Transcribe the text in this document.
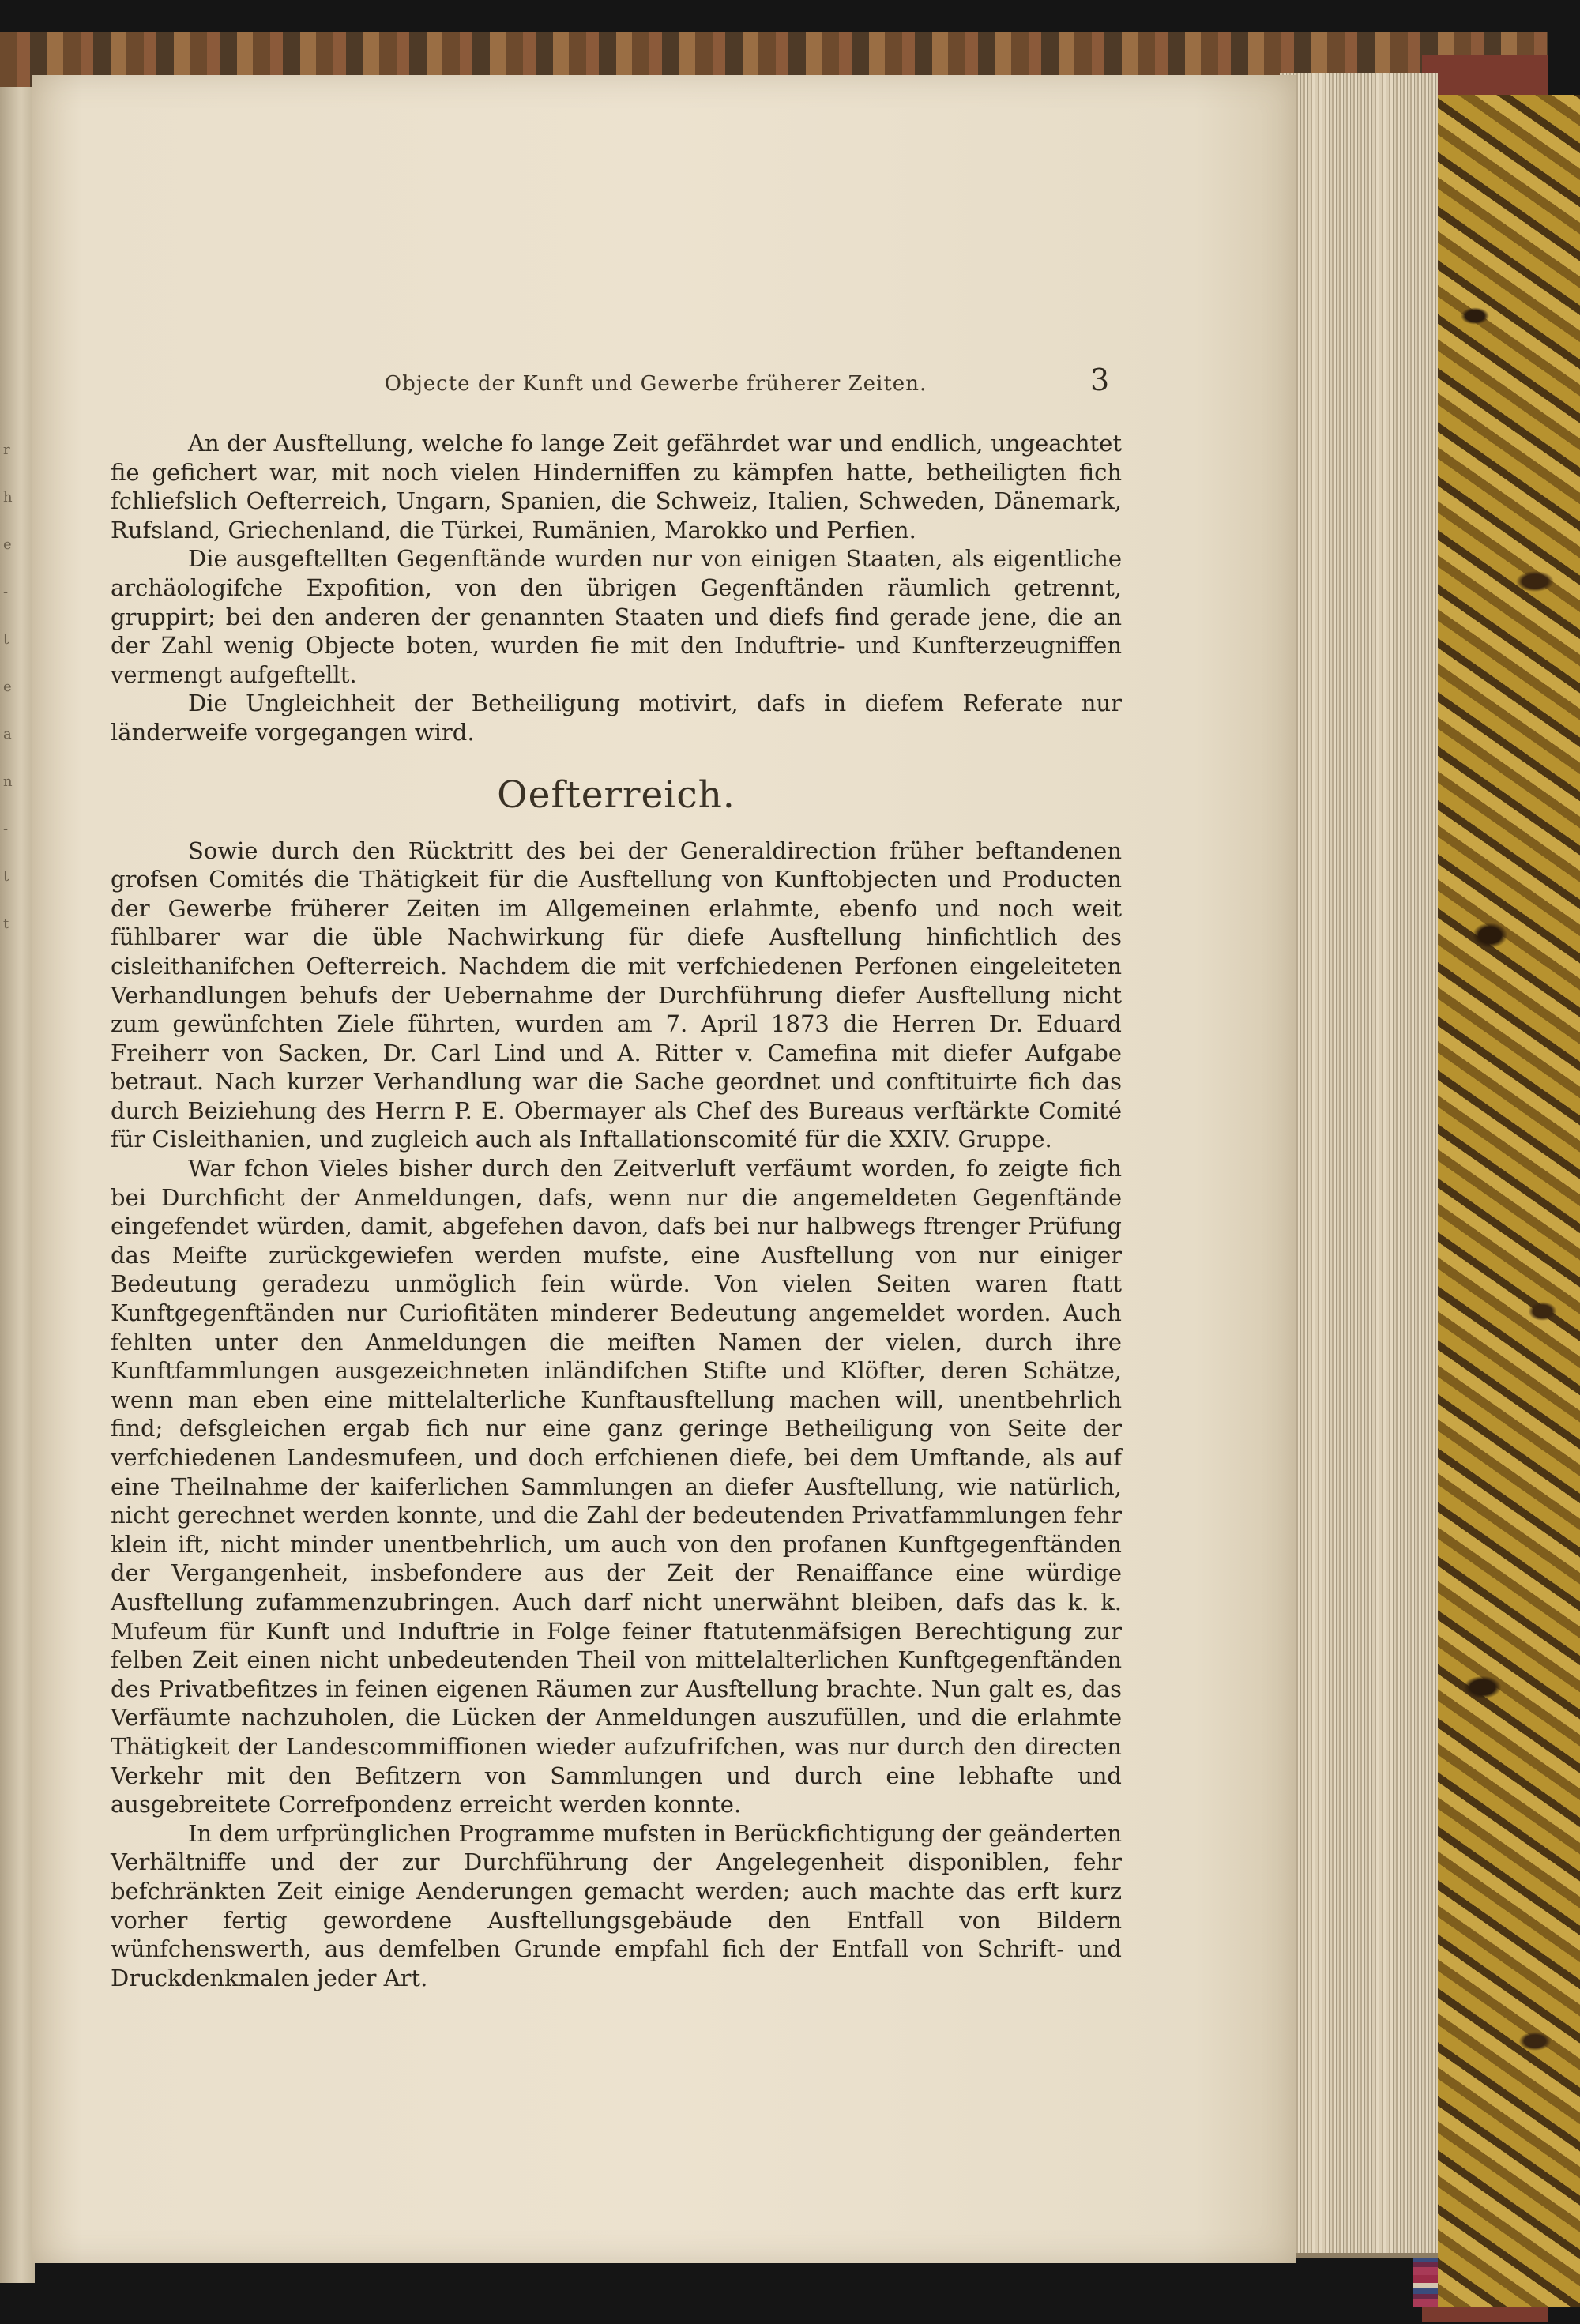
r
h
e
-
t
e
a
n
-
t
t
Objecte der Kunft und Gewerbe früherer Zeiten.	3

An der Ausftellung, welche fo lange Zeit gefährdet war und endlich, ungeachtet fie gefichert war, mit noch vielen Hinderniffen zu kämpfen hatte, betheiligten fich fchliefslich Oefterreich, Ungarn, Spanien, die Schweiz, Italien, Schweden, Dänemark, Rufsland, Griechenland, die Türkei, Rumänien, Marokko und Perfien.

Die ausgeftellten Gegenftände wurden nur von einigen Staaten, als eigentliche archäologifche Expofition, von den übrigen Gegenftänden räumlich getrennt, gruppirt; bei den anderen der genannten Staaten und diefs find gerade jene, die an der Zahl wenig Objecte boten, wurden fie mit den Induftrie- und Kunfterzeugniffen vermengt aufgeftellt.

Die Ungleichheit der Betheiligung motivirt, dafs in diefem Referate nur länderweife vorgegangen wird.

Oefterreich.

Sowie durch den Rücktritt des bei der Generaldirection früher beftandenen grofsen Comités die Thätigkeit für die Ausftellung von Kunftobjecten und Producten der Gewerbe früherer Zeiten im Allgemeinen erlahmte, ebenfo und noch weit fühlbarer war die üble Nachwirkung für diefe Ausftellung hinfichtlich des cisleithanifchen Oefterreich. Nachdem die mit verfchiedenen Perfonen eingeleiteten Verhandlungen behufs der Uebernahme der Durchführung diefer Ausftellung nicht zum gewünfchten Ziele führten, wurden am 7. April 1873 die Herren Dr. Eduard Freiherr von Sacken, Dr. Carl Lind und A. Ritter v. Camefina mit diefer Aufgabe betraut. Nach kurzer Verhandlung war die Sache geordnet und conftituirte fich das durch Beiziehung des Herrn P. E. Obermayer als Chef des Bureaus verftärkte Comité für Cisleithanien, und zugleich auch als Inftallationscomité für die XXIV. Gruppe.

War fchon Vieles bisher durch den Zeitverluft verfäumt worden, fo zeigte fich bei Durchficht der Anmeldungen, dafs, wenn nur die angemeldeten Gegenftände eingefendet würden, damit, abgefehen davon, dafs bei nur halbwegs ftrenger Prüfung das Meifte zurückgewiefen werden mufste, eine Ausftellung von nur einiger Bedeutung geradezu unmöglich fein würde. Von vielen Seiten waren ftatt Kunftgegenftänden nur Curiofitäten minderer Bedeutung angemeldet worden. Auch fehlten unter den Anmeldungen die meiften Namen der vielen, durch ihre Kunftfammlungen ausgezeichneten inländifchen Stifte und Klöfter, deren Schätze, wenn man eben eine mittelalterliche Kunftausftellung machen will, unentbehrlich find; defsgleichen ergab fich nur eine ganz geringe Betheiligung von Seite der verfchiedenen Landesmufeen, und doch erfchienen diefe, bei dem Umftande, als auf eine Theilnahme der kaiferlichen Sammlungen an diefer Ausftellung, wie natürlich, nicht gerechnet werden konnte, und die Zahl der bedeutenden Privatfammlungen fehr klein ift, nicht minder unentbehrlich, um auch von den profanen Kunftgegenftänden der Vergangenheit, insbefondere aus der Zeit der Renaiffance eine würdige Ausftellung zufammenzubringen. Auch darf nicht unerwähnt bleiben, dafs das k. k. Mufeum für Kunft und Induftrie in Folge feiner ftatutenmäfsigen Berechtigung zur felben Zeit einen nicht unbedeutenden Theil von mittelalterlichen Kunftgegenftänden des Privatbefitzes in feinen eigenen Räumen zur Ausftellung brachte. Nun galt es, das Verfäumte nachzuholen, die Lücken der Anmeldungen auszufüllen, und die erlahmte Thätigkeit der Landescommiffionen wieder aufzufrifchen, was nur durch den directen Verkehr mit den Befitzern von Sammlungen und durch eine lebhafte und ausgebreitete Correfpondenz erreicht werden konnte.

In dem urfprünglichen Programme mufsten in Berückfichtigung der geänderten Verhältniffe und der zur Durchführung der Angelegenheit disponiblen, fehr befchränkten Zeit einige Aenderungen gemacht werden; auch machte das erft kurz vorher fertig gewordene Ausftellungsgebäude den Entfall von Bildern wünfchenswerth, aus demfelben Grunde empfahl fich der Entfall von Schrift- und Druckdenkmalen jeder Art.
